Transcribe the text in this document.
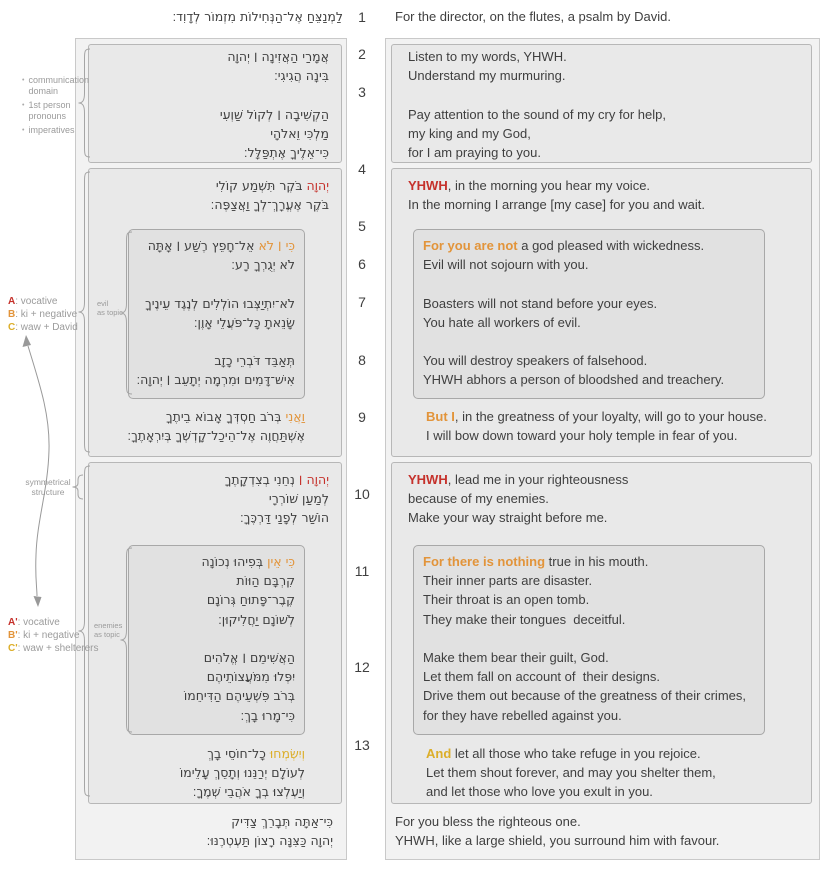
לַמְנַצֵּחַ אֶל־הַנְּחִילוֹת מִזְמוֹר לְדָוִד׃	1	For the director, on the flutes, a psalm by David.
2
3
4
5
6
7
8
9
10
11
12
13
אֲמָרַי הַאֲזִינָה ׀ יְהוָה
בִּינָה הֲגִיגִי׃
הַקְשִׁיבָה ׀ לְקוֹל שַׁוְעִי
מַלְכִּי וֵאלֹהָי
כִּי־אֵלֶיךָ אֶתְפַּלָּל׃
יְהוָה בֹּקֶר תִּשְׁמַע קוֹלִי
בֹּקֶר אֶעֱרָךְ־לְךָ וַאֲצַפֶּה׃
כִּי ׀ לֹא אֵל־חָפֵץ רֶשַׁע ׀ אָתָּה
לֹא יְגֻרְךָ רָע׃
לֹא־יִתְיַצְּבוּ הוֹלְלִים לְנֶגֶד עֵינֶיךָ
שָׂנֵאתָ כָּל־פֹּעֲלֵי אָוֶן׃
תְּאַבֵּד דֹּבְרֵי כָזָב
אִישׁ־דָּמִים וּמִרְמָה יְתָעֵב ׀ יְהוָה׃
וַאֲנִי בְּרֹב חַסְדְּךָ אָבוֹא בֵיתֶךָ
אֶשְׁתַּחֲוֶה אֶל־הֵיכַל־קָדְשְׁךָ בְּיִרְאָתֶךָ׃
יְהוָה ׀ נְחֵנִי בְצִדְקָתֶךָ
לְמַעַן שׁוֹרְרָי
הוֹשַׁר לְפָנַי דַּרְכֶּךָ׃
כִּי אֵין בְּפִיהוּ נְכוֹנָה
קִרְבָּם הַוּוֹת
קֶבֶר־פָּתוּחַ גְּרוֹנָם
לְשׁוֹנָם יַחֲלִיקוּן׃
הַאֲשִׁימֵם ׀ אֱלֹהִים
יִפְּלוּ מִמֹּעֲצוֹתֵיהֶם
בְּרֹב פִּשְׁעֵיהֶם הַדִּיחֵמוֹ
כִּי־מָרוּ בָךְ׃
וְיִשְׂמְחוּ כָל־חוֹסֵי בָךְ
לְעוֹלָם יְרַנֵּנוּ וְתָסֵךְ עָלֵימוֹ
וְיַעְלְצוּ בְךָ אֹהֲבֵי שְׁמֶךָ׃
כִּי־אַתָּה תְּבָרֵךְ צַדִּיק
יְהוָה כַּצִּנָּה רָצוֹן תַּעְטְרֶנּוּ׃
Listen to my words, YHWH.
Understand my murmuring.
Pay attention to the sound of my cry for help,
my king and my God,
for I am praying to you.
YHWH, in the morning you hear my voice.
In the morning I arrange [my case] for you and wait.
For you are not a god pleased with wickedness.
Evil will not sojourn with you.
Boasters will not stand before your eyes.
You hate all workers of evil.
You will destroy speakers of falsehood.
YHWH abhors a person of bloodshed and treachery.
But I, in the greatness of your loyalty, will go to your house.
I will bow down toward your holy temple in fear of you.
YHWH, lead me in your righteousness
because of my enemies.
Make your way straight before me.
For there is nothing true in his mouth.
Their inner parts are disaster.
Their throat is an open tomb.
They make their tongues  deceitful.
Make them bear their guilt, God.
Let them fall on account of  their designs.
Drive them out because of the greatness of their crimes,
for they have rebelled against you.
And let all those who take refuge in you rejoice.
Let them shout forever, and may you shelter them,
and let those who love you exult in you.
For you bless the righteous one.
YHWH, like a large shield, you surround him with favour.
• communication domain
• 1st person pronouns
• imperatives
A: vocative
B: ki + negative
C: waw + David
symmetrical
structure
A': vocative
B': ki + negative
C': waw + shelterers
evil
as topic
enemies
as topic
